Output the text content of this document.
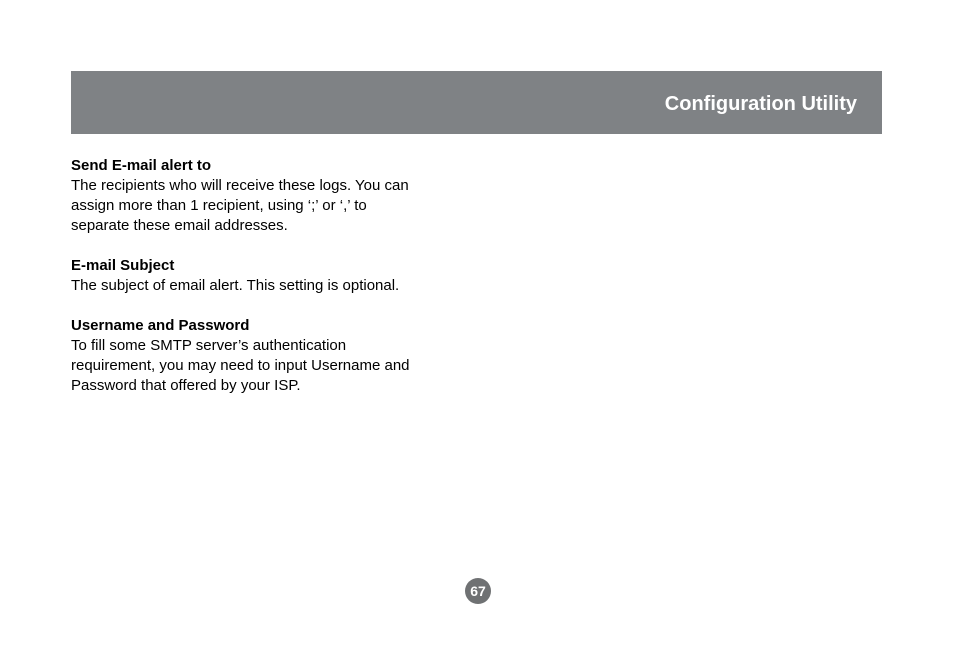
Configuration Utility
Send E-mail alert to
The recipients who will receive these logs. You can
assign more than 1 recipient, using ‘;’ or ‘,’ to
separate these email addresses.
E-mail Subject
The subject of email alert. This setting is optional.
Username and Password
To fill some SMTP server’s authentication
requirement, you may need to input Username and
Password that offered by your ISP.
67
